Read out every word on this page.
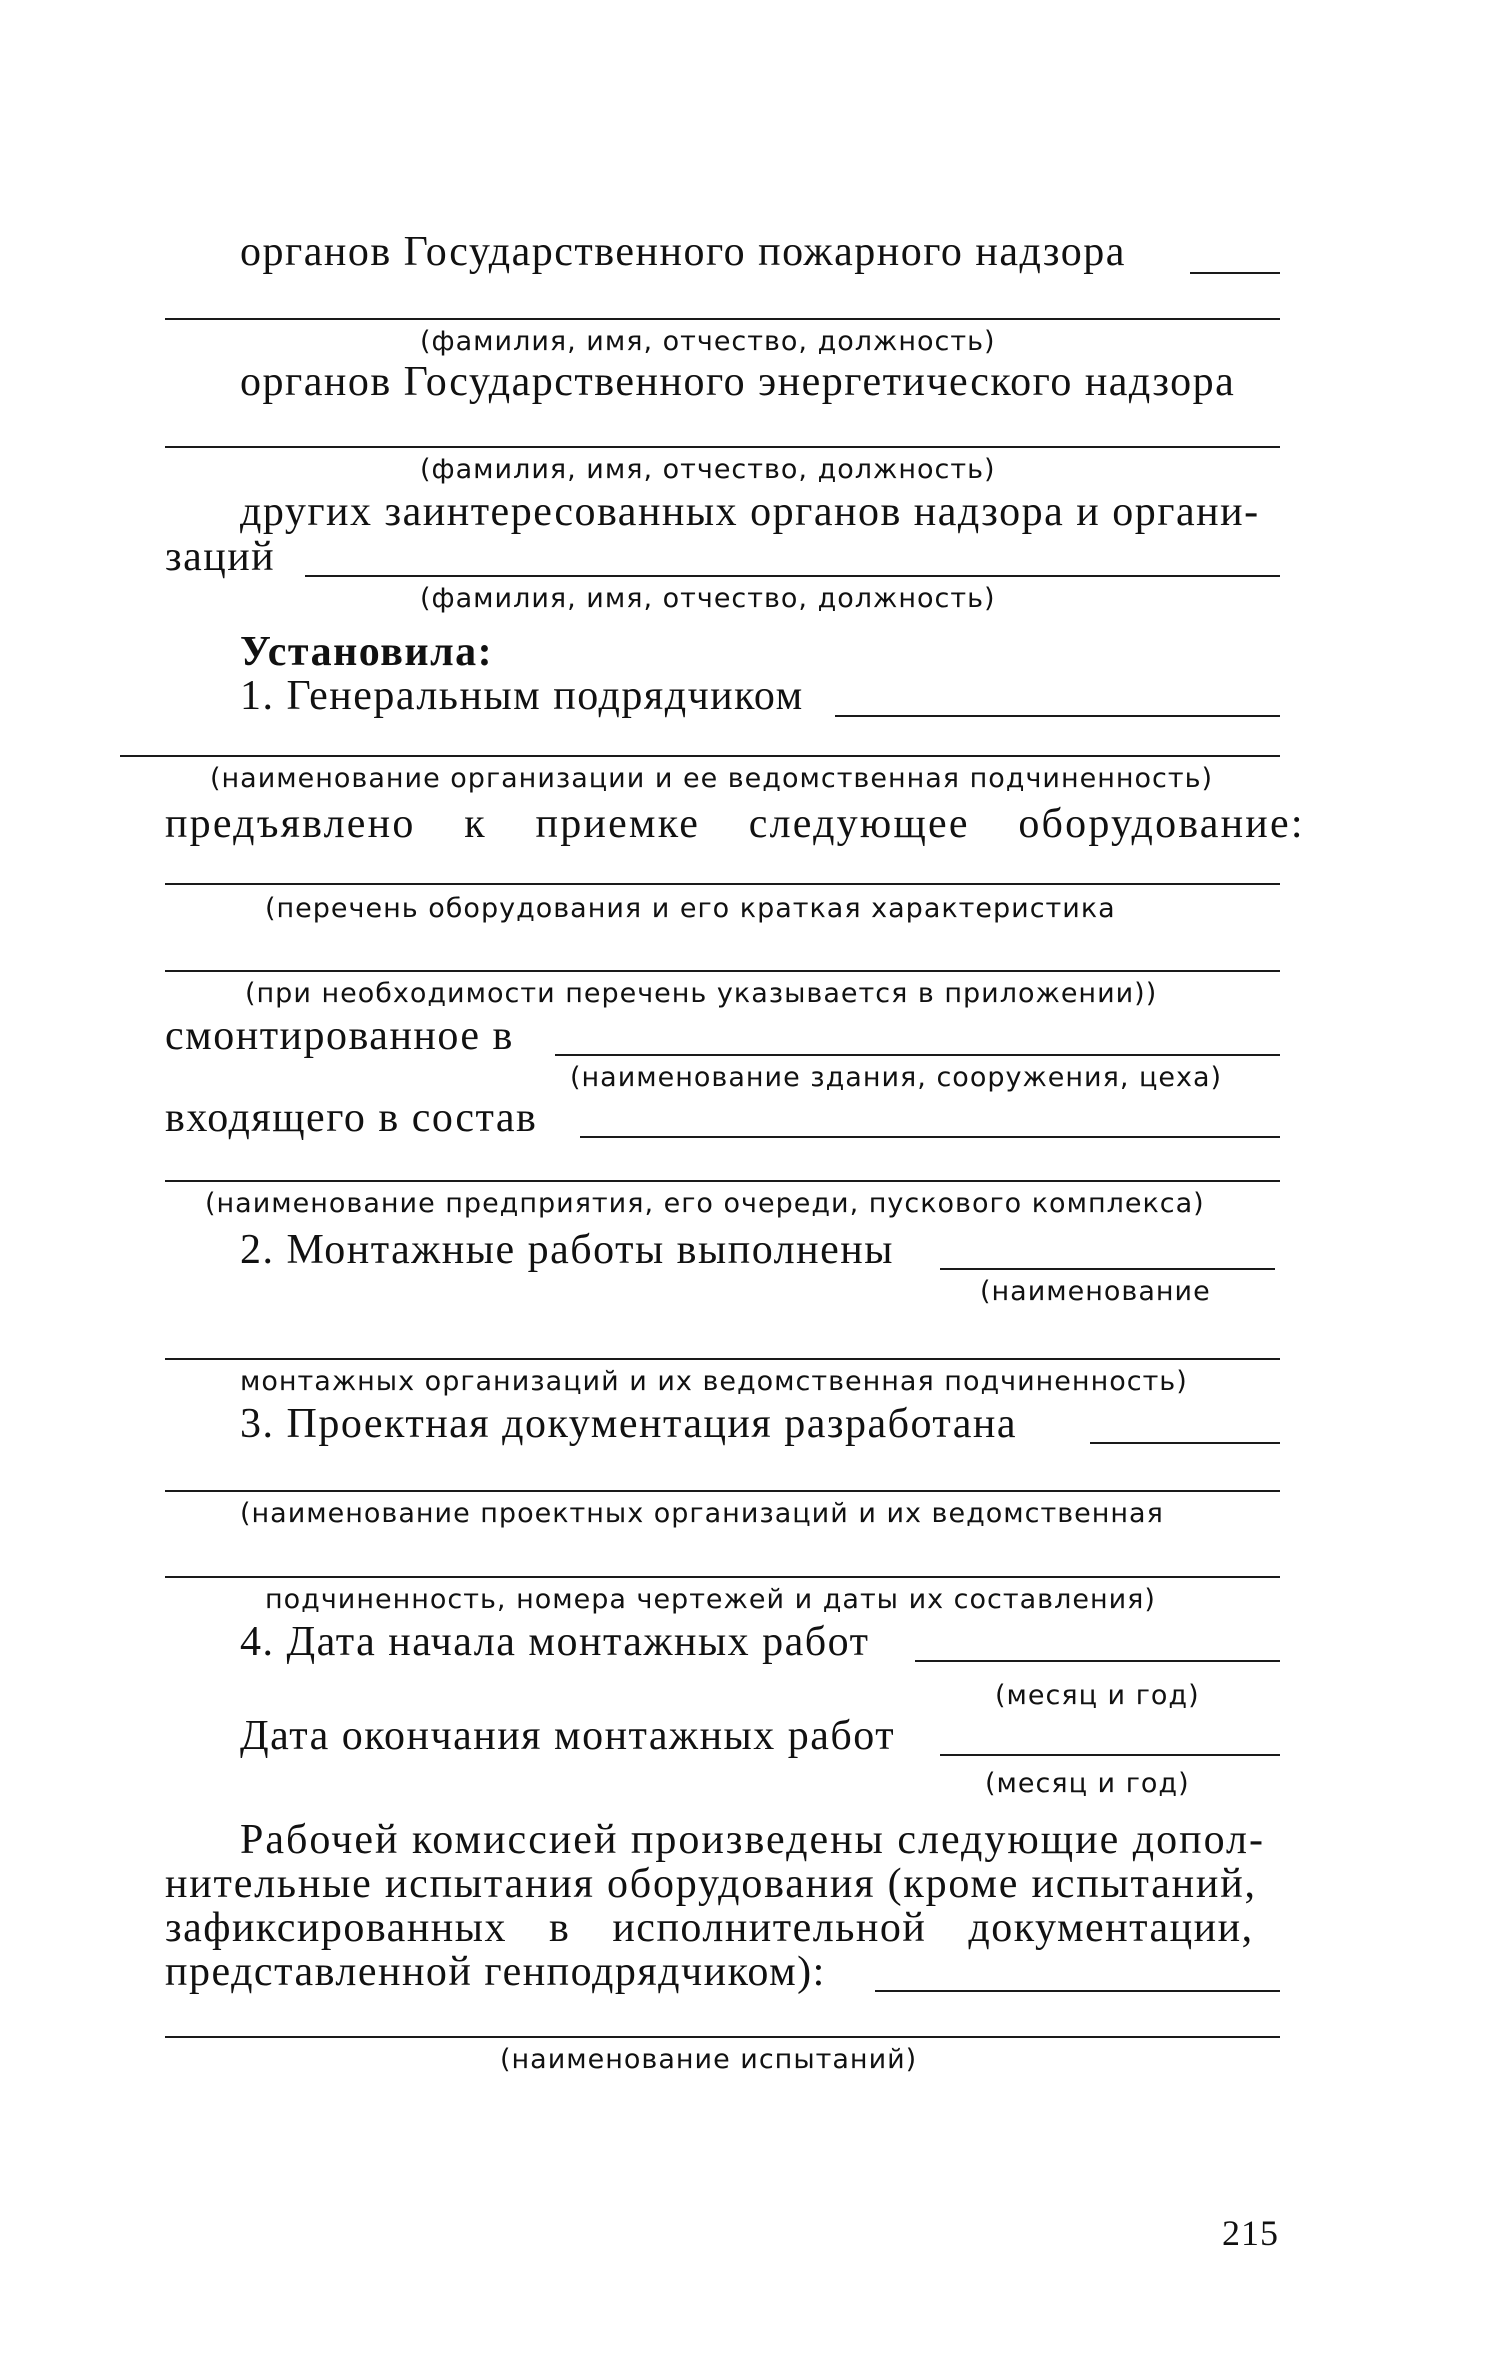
органов Государственного пожарного надзора
(фамилия, имя, отчество, должность)
органов Государственного энергетического надзора
(фамилия, имя, отчество, должность)
других заинтересованных органов надзора и органи-
заций
(фамилия, имя, отчество, должность)
Установила:
1. Генеральным подрядчиком
(наименование организации и ее ведомственная подчиненность)
предъявлено к приемке следующее оборудование:
(перечень оборудования и его краткая характеристика
(при необходимости перечень указывается в приложении))
смонтированное в
(наименование здания, сооружения, цеха)
входящего в состав
(наименование предприятия, его очереди, пускового комплекса)
2. Монтажные работы выполнены
(наименование
монтажных организаций и их ведомственная подчиненность)
3. Проектная документация разработана
(наименование проектных организаций и их ведомственная
подчиненность, номера чертежей и даты их составления)
4. Дата начала монтажных работ
(месяц и год)
Дата окончания монтажных работ
(месяц и год)
Рабочей комиссией произведены следующие допол-
нительные испытания оборудования (кроме испытаний,
зафиксированных в исполнительной документации,
представленной генподрядчиком):
(наименование испытаний)
215
